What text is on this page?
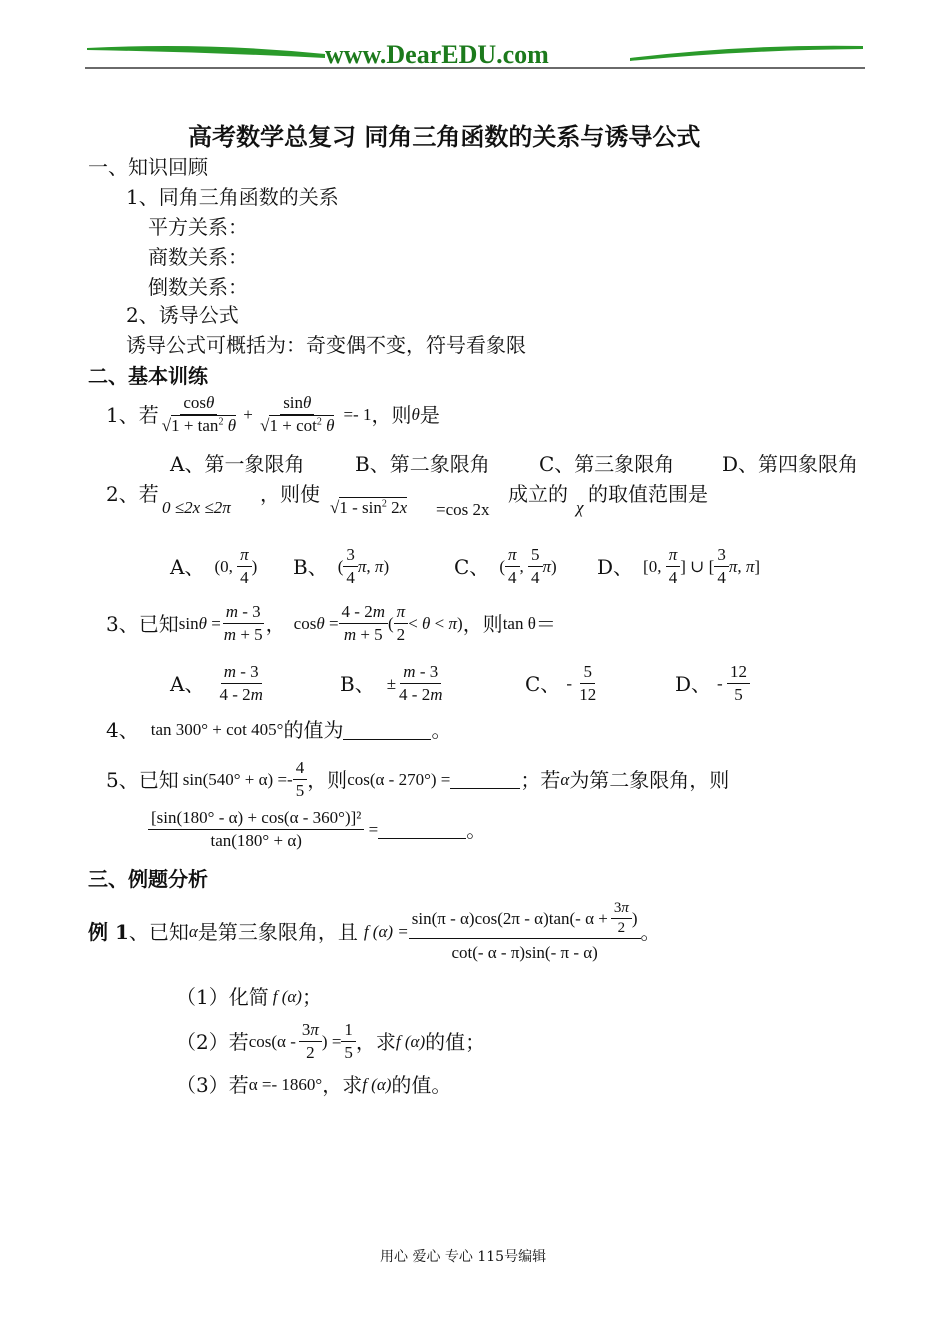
www.DearEDU.com
高考数学总复习 同角三角函数的关系与诱导公式
一、知识回顾
1、同角三角函数的关系
平方关系：
商数关系：
倒数关系：
2、诱导公式
诱导公式可概括为：奇变偶不变，符号看象限
二、基本训练
1、若 $\frac{\cos\theta}{√1 + \tan^2 \theta} + \frac{\sin\theta}{√1 + \cot^2 \theta} =- 1$ ，则 θ 是
A、第一象限角	B、第二象限角 C、第三象限角 D、第四象限角
2、若
0 ≤2x ≤2π
，则使
$√1 - \sin^2 2x =\cos$ 2x
成立的
χ
的取值范围是
A、 (0, $\frac{\pi}{4}$ ) B、 ( $\frac{3}{4} \pi$, π)	C、 ( $\frac{\pi}{4}$ , $\frac{5}{4} \pi$) D、 [0, $\frac{\pi}{4}$ ] ∪ [ $\frac{3}{4} \pi$, π]
3、已知 $\sin\theta = \frac{m - 3}{m + 5}$ ， $\cos\theta = \frac{4 - 2m}{m + 5}$ ( $\frac{\pi}{2} < \theta < \pi$) ，则 tan θ ＝
A、 $\frac{m - 3}{4 - 2m}$	B、 ± $\frac{m - 3}{4 - 2m}$	C、 - $\frac{5}{12}$	D、 - $\frac{12}{5}$
4、 tan 300° + cot 405° 的值为	。
5、已知 $\sin(540^\circ + \alpha) =- \frac{4}{5}$ ，则 cos(α - 270°) =	；若 α 为第二象限角，则
$\frac{\text{[sin(180° - α) + cos(α - 360°)]²}}{\tan(180^\circ + \alpha)}$ =	。
三、例题分析
例 1 、已知 α 是第三象限角，且 f $(\alpha) = \frac{\sin(\pi - \alpha)\cos(2\pi - \alpha)\tan(- \alpha + \frac{3\pi}{2} )}{\cot(- \alpha - \pi)\sin(- \pi - \alpha)}$ 。
（1）化简 f (α) ；
（2）若 $\cos(\alpha - \frac{3\pi}{2}$ ) = $\frac{1}{5}$ ，求 f (α) 的值；
（3）若 α =- 1860° ，求 f (α) 的值。
用心 爱心 专心 115号编辑
